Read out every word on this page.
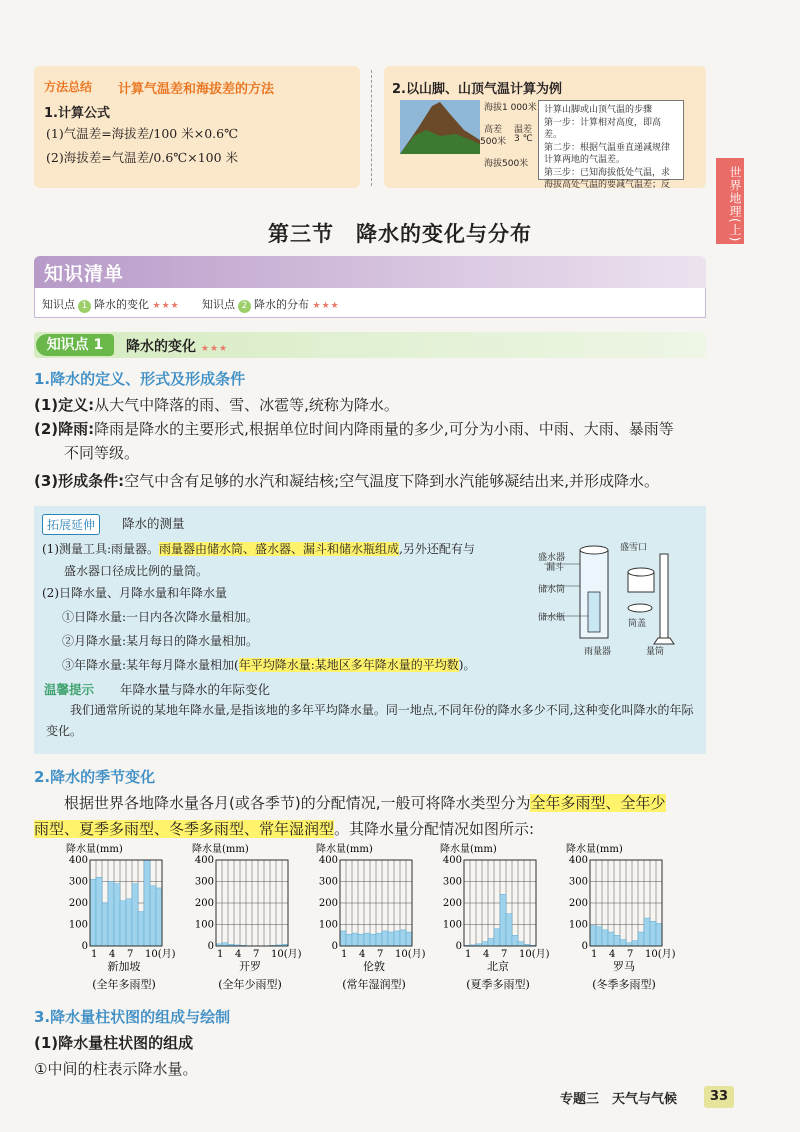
方法总结 计算气温差和海拔差的方法
1.计算公式
(1)气温差=海拔差/100 米×0.6℃
(2)海拔差=气温差/0.6℃×100 米
2.以山脚、山顶气温计算为例
海拔1 000米
高差
500米
温差
3 ℃
海拔500米
计算山脚或山顶气温的步骤
第一步：计算相对高度，即高差。
第二步：根据气温垂直递减规律
计算两地的气温差。
第三步：已知海拔低处气温，求
海拔高处气温的要减气温差；反	世界地理(上)
第三节　降水的变化与分布
知识清单
知识点 1 降水的变化 ★★★ 知识点 2 降水的分布 ★★★
知识点 1	降水的变化 ★★★
1.降水的定义、形式及形成条件
(1)定义:从大气中降落的雨、雪、冰雹等,统称为降水。
(2)降雨:降雨是降水的主要形式,根据单位时间内降雨量的多少,可分为小雨、中雨、大雨、暴雨等
不同等级。
(3)形成条件:空气中含有足够的水汽和凝结核;空气温度下降到水汽能够凝结出来,并形成降水。
拓展延伸	降水的测量
(1)测量工具:雨量器。雨量器由储水筒、盛水器、漏斗和储水瓶组成,另外还配有与
盛水器口径成比例的量筒。
(2)日降水量、月降水量和年降水量
①日降水量:一日内各次降水量相加。
②月降水量:某月每日的降水量相加。
③年降水量:某年每月降水量相加(年平均降水量:某地区多年降水量的平均数)。
盛水器
漏斗
储水筒
储水瓶
雨量器
盛雪口
筒盖
量筒
温馨提示 年降水量与降水的年际变化
我们通常所说的某地年降水量,是指该地的多年平均降水量。同一地点,不同年份的降水多少不同,这种变化叫降水的年际变化。
2.降水的季节变化
根据世界各地降水量各月(或各季节)的分配情况,一般可将降水类型分为全年多雨型、全年少
雨型、夏季多雨型、冬季多雨型、常年湿润型。其降水量分配情况如图所示:
降水量(mm)
0
100
200
300
400
1 4 7 10(月)
新加坡
(全年多雨型)
降水量(mm)
0
100
200
300
400
1 4 7 10(月)
开罗
(全年少雨型)
降水量(mm)
0
100
200
300
400
1 4 7 10(月)
伦敦
(常年湿润型)
降水量(mm)
0
100
200
300
400
1 4 7 10(月)
北京
(夏季多雨型)
降水量(mm)
0
100
200
300
400
1 4 7 10(月)
罗马
(冬季多雨型)
3.降水量柱状图的组成与绘制
(1)降水量柱状图的组成
①中间的柱表示降水量。
专题三　天气与气候	33
